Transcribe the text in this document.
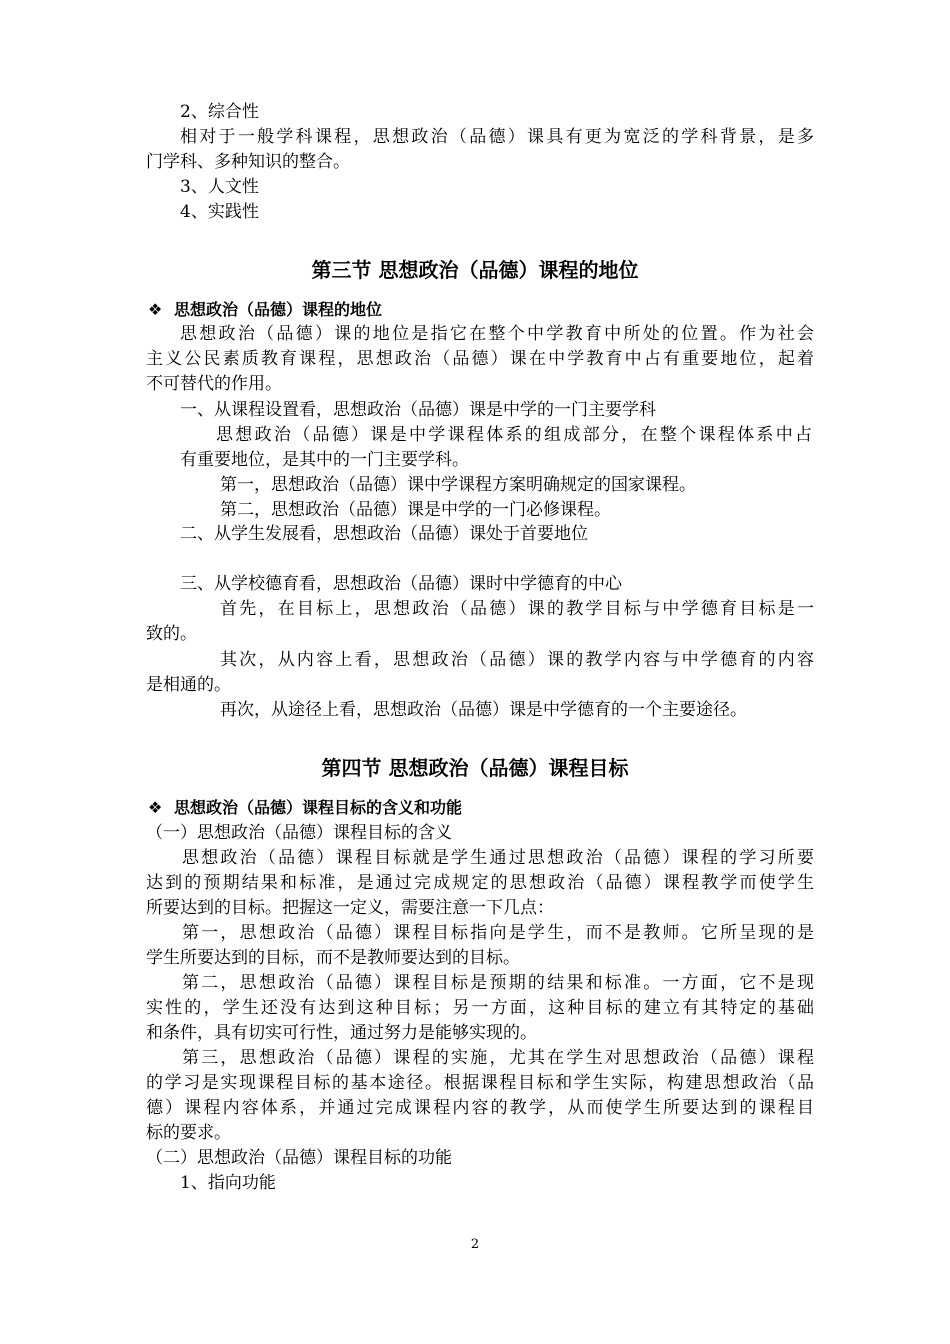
2、综合性
相对于一般学科课程，思想政治（品德）课具有更为宽泛的学科背景，是多
门学科、多种知识的整合。
3、人文性
4、实践性
第三节 思想政治（品德）课程的地位
❖ 思想政治（品德）课程的地位
思想政治（品德）课的地位是指它在整个中学教育中所处的位置。作为社会
主义公民素质教育课程，思想政治（品德）课在中学教育中占有重要地位，起着
不可替代的作用。
一、从课程设置看，思想政治（品德）课是中学的一门主要学科
思想政治（品德）课是中学课程体系的组成部分，在整个课程体系中占
有重要地位，是其中的一门主要学科。
第一，思想政治（品德）课中学课程方案明确规定的国家课程。
第二，思想政治（品德）课是中学的一门必修课程。
二、从学生发展看，思想政治（品德）课处于首要地位
三、从学校德育看，思想政治（品德）课时中学德育的中心
首先，在目标上，思想政治（品德）课的教学目标与中学德育目标是一
致的。
其次，从内容上看，思想政治（品德）课的教学内容与中学德育的内容
是相通的。
再次，从途径上看，思想政治（品德）课是中学德育的一个主要途径。
第四节 思想政治（品德）课程目标
❖ 思想政治（品德）课程目标的含义和功能
（一）思想政治（品德）课程目标的含义
思想政治（品德）课程目标就是学生通过思想政治（品德）课程的学习所要
达到的预期结果和标准，是通过完成规定的思想政治（品德）课程教学而使学生
所要达到的目标。把握这一定义，需要注意一下几点：
第一，思想政治（品德）课程目标指向是学生，而不是教师。它所呈现的是
学生所要达到的目标，而不是教师要达到的目标。
第二，思想政治（品德）课程目标是预期的结果和标准。一方面，它不是现
实性的，学生还没有达到这种目标；另一方面，这种目标的建立有其特定的基础
和条件，具有切实可行性，通过努力是能够实现的。
第三，思想政治（品德）课程的实施，尤其在学生对思想政治（品德）课程
的学习是实现课程目标的基本途径。根据课程目标和学生实际，构建思想政治（品
德）课程内容体系，并通过完成课程内容的教学，从而使学生所要达到的课程目
标的要求。
（二）思想政治（品德）课程目标的功能
1、指向功能
2
